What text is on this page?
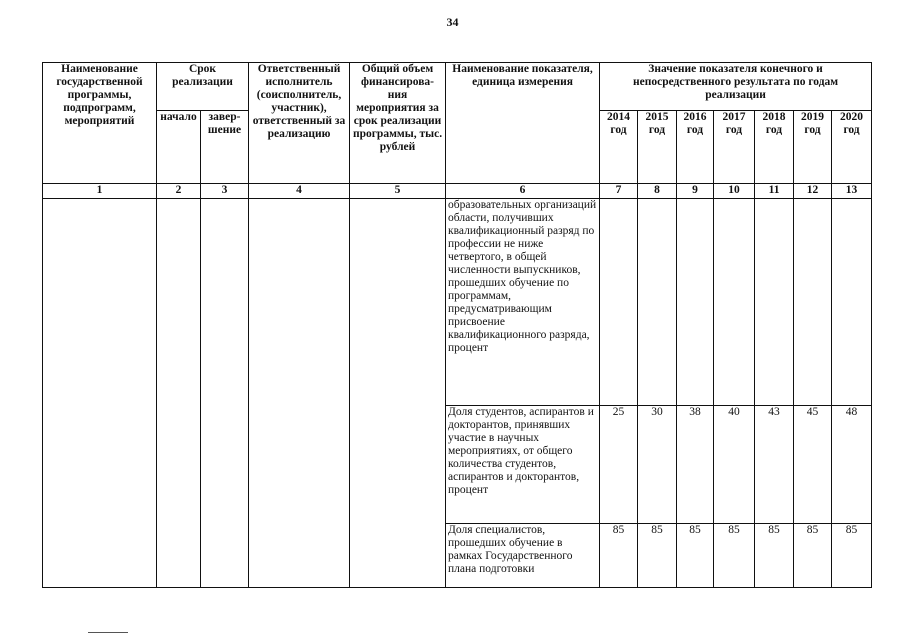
34
Наименование государственной программы, подпрограмм, мероприятий	Срок реализации		Ответственный исполнитель (соисполнитель, участник), ответственный за реализацию	Общий объем финансирова-ния мероприятия за срок реализации программы, тыс. рублей	Наименование показателя, единица измерения	Значение показателя конечного и непосредственного результата по годам реализации						
	начало	завер-шение				2014 год	2015 год	2016 год	2017 год	2018 год	2019 год	2020 год
1	2	3	4	5	6	7	8	9	10	11	12	13
					образовательных организаций области, получивших квалификационный разряд по профессии не ниже четвертого, в общей численности выпускников, прошедших обучение по программам, предусматривающим присвоение квалификационного разряда, процент							
					Доля студентов, аспирантов и докторантов, принявших участие в научных мероприятиях, от общего количества студентов, аспирантов и докторантов, процент	25	30	38	40	43	45	48
					Доля специалистов, прошедших обучение в рамках Государственного плана подготовки	85	85	85	85	85	85	85
